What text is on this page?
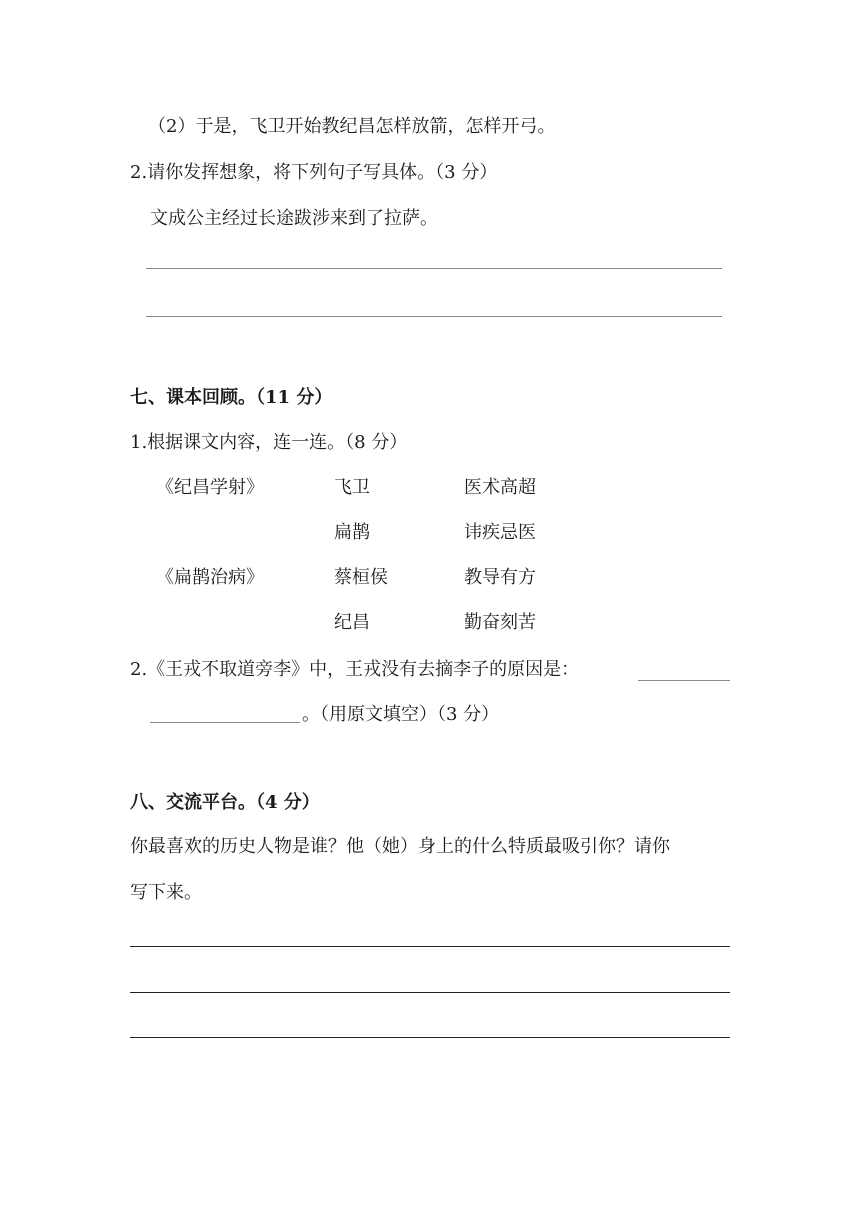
（2）于是，飞卫开始教纪昌怎样放箭，怎样开弓。
2.请你发挥想象，将下列句子写具体。（3 分）
文成公主经过长途跋涉来到了拉萨。
七、课本回顾。（11 分）
1.根据课文内容，连一连。（8 分）
《纪昌学射》
《扁鹊治病》
飞卫
扁鹊
蔡桓侯
纪昌
医术高超
讳疾忌医
教导有方
勤奋刻苦
2.《王戎不取道旁李》中，王戎没有去摘李子的原因是：
。（用原文填空）（3 分）
八、交流平台。（4 分）
你最喜欢的历史人物是谁？他（她）身上的什么特质最吸引你？请你
写下来。
